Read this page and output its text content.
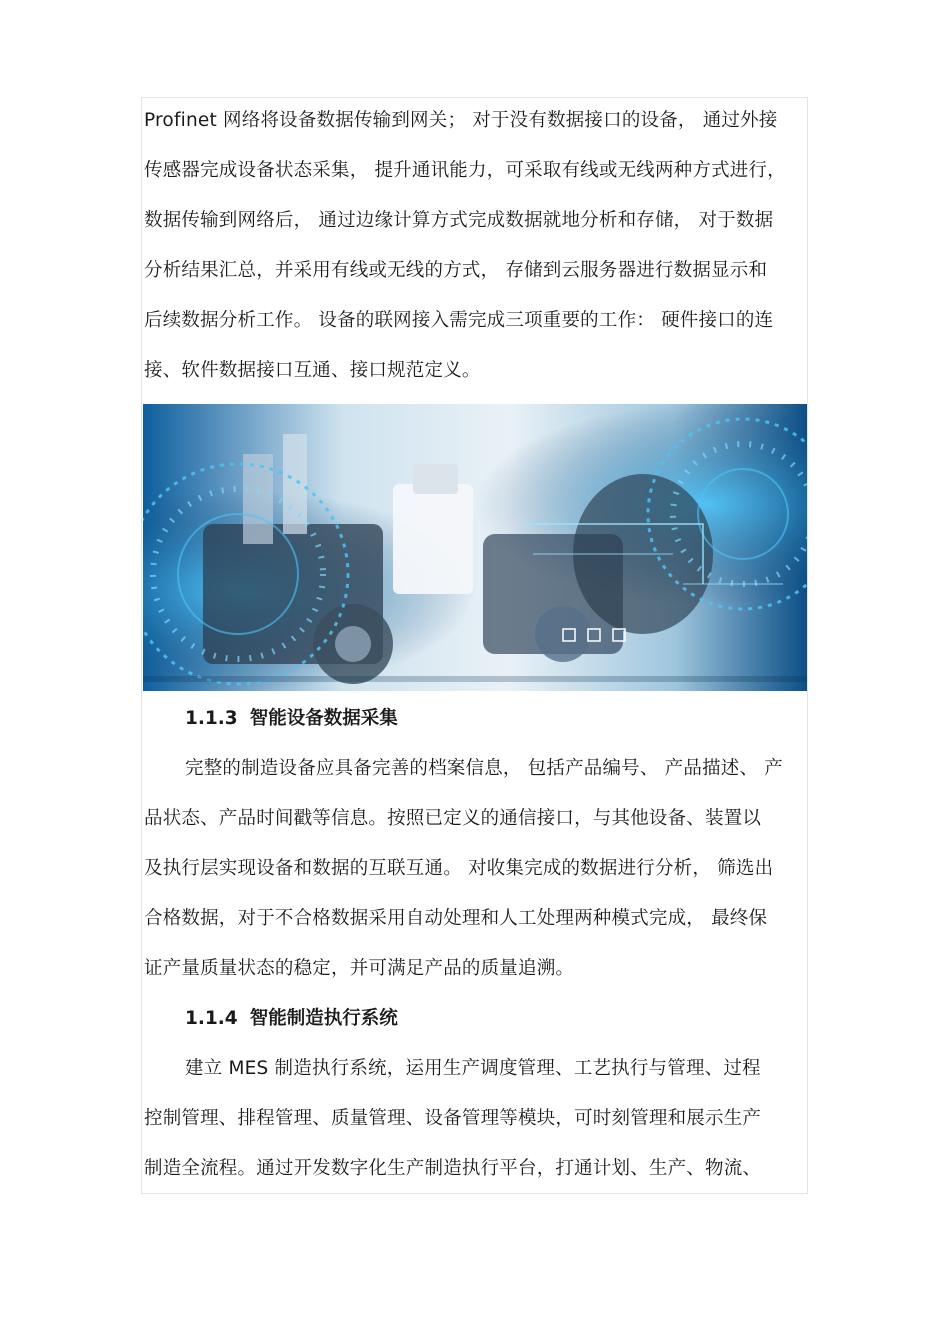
Profinet 网络将设备数据传输到网关； 对于没有数据接口的设备， 通过外接
传感器完成设备状态采集， 提升通讯能力，可采取有线或无线两种方式进行，
数据传输到网络后， 通过边缘计算方式完成数据就地分析和存储， 对于数据
分析结果汇总，并采用有线或无线的方式， 存储到云服务器进行数据显示和
后续数据分析工作。 设备的联网接入需完成三项重要的工作： 硬件接口的连
接、软件数据接口互通、接口规范定义。
1.1.3 智能设备数据采集
完整的制造设备应具备完善的档案信息， 包括产品编号、 产品描述、 产
品状态、产品时间戳等信息。按照已定义的通信接口，与其他设备、装置以
及执行层实现设备和数据的互联互通。 对收集完成的数据进行分析， 筛选出
合格数据，对于不合格数据采用自动处理和人工处理两种模式完成， 最终保
证产量质量状态的稳定，并可满足产品的质量追溯。
1.1.4 智能制造执行系统
建立 MES 制造执行系统，运用生产调度管理、工艺执行与管理、过程
控制管理、排程管理、质量管理、设备管理等模块，可时刻管理和展示生产
制造全流程。通过开发数字化生产制造执行平台，打通计划、生产、物流、
